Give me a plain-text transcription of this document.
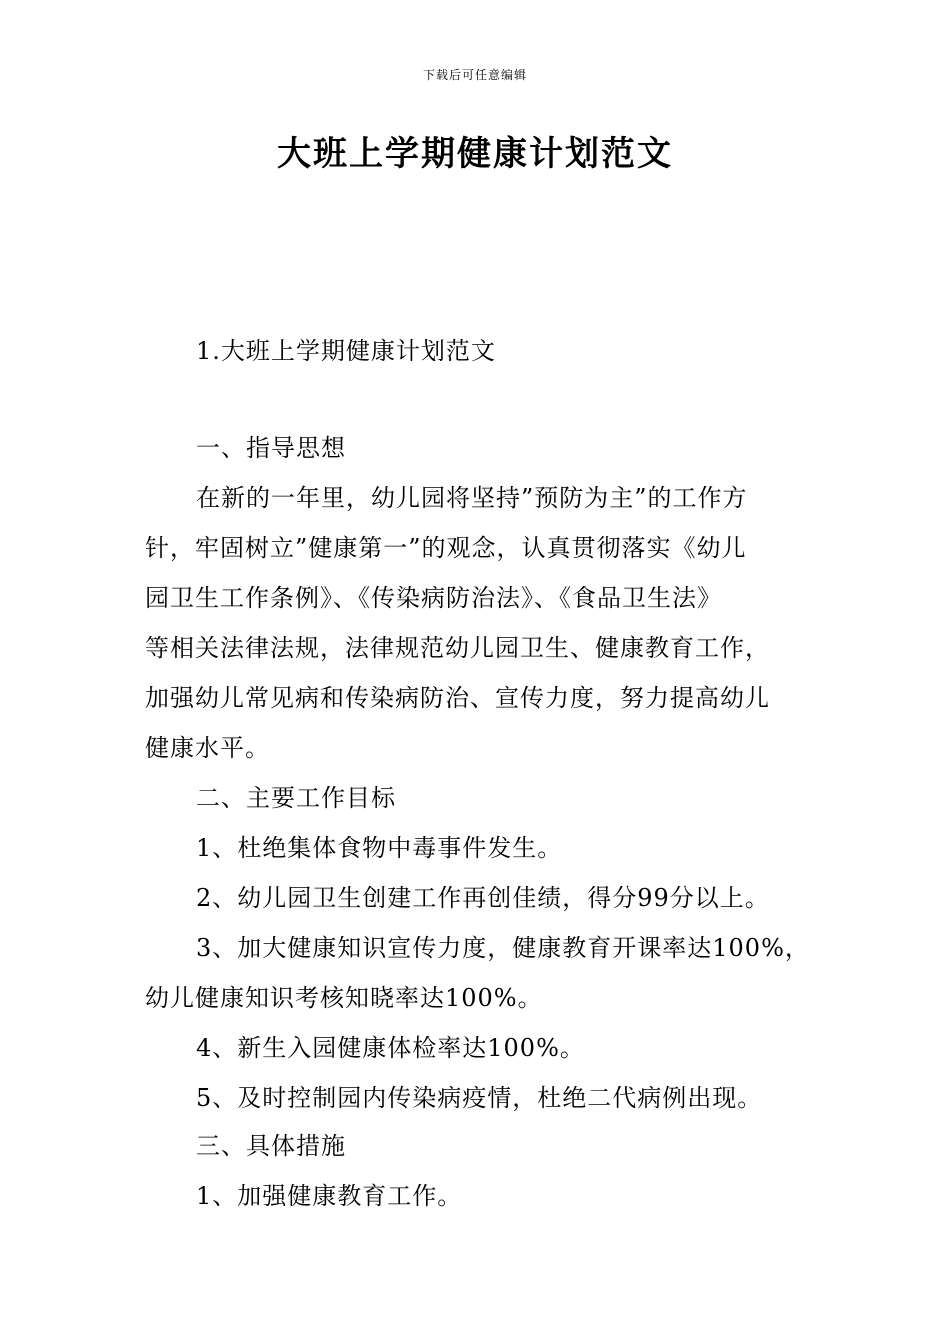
下载后可任意编辑
大班上学期健康计划范文
1.大班上学期健康计划范文
一、指导思想
在新的一年里，幼儿园将坚持”预防为主”的工作方
针，牢固树立”健康第一”的观念，认真贯彻落实《幼儿
园卫生工作条例》、《传染病防治法》、《食品卫生法》
等相关法律法规，法律规范幼儿园卫生、健康教育工作，
加强幼儿常见病和传染病防治、宣传力度，努力提高幼儿
健康水平。
二、主要工作目标
1、杜绝集体食物中毒事件发生。
2、幼儿园卫生创建工作再创佳绩，得分99分以上。
3、加大健康知识宣传力度，健康教育开课率达100%，
幼儿健康知识考核知晓率达100%。
4、新生入园健康体检率达100%。
5、及时控制园内传染病疫情，杜绝二代病例出现。
三、具体措施
1、加强健康教育工作。
